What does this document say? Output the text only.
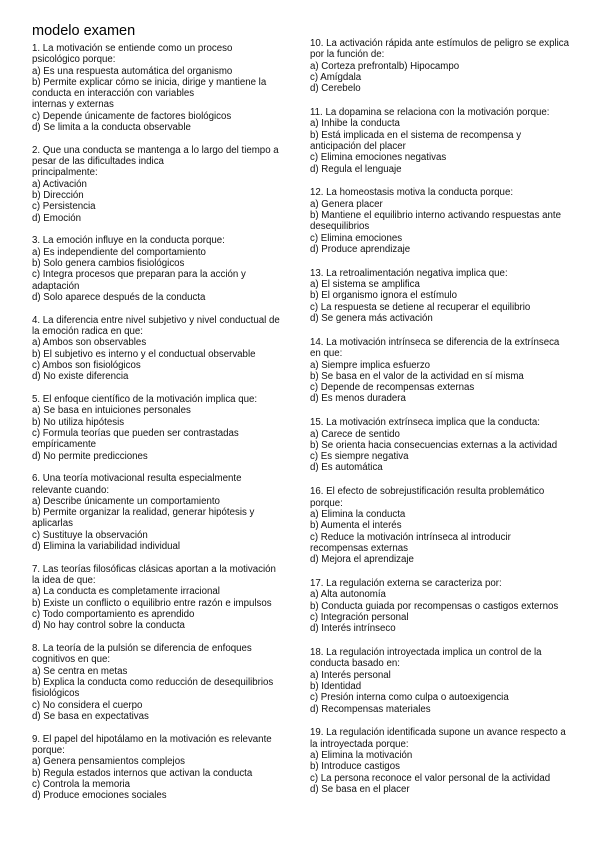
modelo examen

1. La motivación se entiende como un proceso

psicológico porque:

a) Es una respuesta automática del organismo

b) Permite explicar cómo se inicia, dirige y mantiene la

conducta en interacción con variables

internas y externas

c) Depende únicamente de factores biológicos

d) Se limita a la conducta observable

2. Que una conducta se mantenga a lo largo del tiempo a

pesar de las dificultades indica

principalmente:

a) Activación

b) Dirección

c) Persistencia

d) Emoción

3. La emoción influye en la conducta porque:

a) Es independiente del comportamiento

b) Solo genera cambios fisiológicos

c) Integra procesos que preparan para la acción y

adaptación

d) Solo aparece después de la conducta

4. La diferencia entre nivel subjetivo y nivel conductual de

la emoción radica en que:

a) Ambos son observables

b) El subjetivo es interno y el conductual observable

c) Ambos son fisiológicos

d) No existe diferencia

5. El enfoque científico de la motivación implica que:

a) Se basa en intuiciones personales

b) No utiliza hipótesis

c) Formula teorías que pueden ser contrastadas

empíricamente

d) No permite predicciones

6. Una teoría motivacional resulta especialmente

relevante cuando:

a) Describe únicamente un comportamiento

b) Permite organizar la realidad, generar hipótesis y

aplicarlas

c) Sustituye la observación

d) Elimina la variabilidad individual

7. Las teorías filosóficas clásicas aportan a la motivación

la idea de que:

a) La conducta es completamente irracional

b) Existe un conflicto o equilibrio entre razón e impulsos

c) Todo comportamiento es aprendido

d) No hay control sobre la conducta

8. La teoría de la pulsión se diferencia de enfoques

cognitivos en que:

a) Se centra en metas

b) Explica la conducta como reducción de desequilibrios

fisiológicos

c) No considera el cuerpo

d) Se basa en expectativas

9. El papel del hipotálamo en la motivación es relevante

porque:

a) Genera pensamientos complejos

b) Regula estados internos que activan la conducta

c) Controla la memoria

d) Produce emociones sociales

10. La activación rápida ante estímulos de peligro se explica

por la función de:

a) Corteza prefrontalb) Hipocampo

c) Amígdala

d) Cerebelo

11. La dopamina se relaciona con la motivación porque:

a) Inhibe la conducta

b) Está implicada en el sistema de recompensa y

anticipación del placer

c) Elimina emociones negativas

d) Regula el lenguaje

12. La homeostasis motiva la conducta porque:

a) Genera placer

b) Mantiene el equilibrio interno activando respuestas ante

desequilibrios

c) Elimina emociones

d) Produce aprendizaje

13. La retroalimentación negativa implica que:

a) El sistema se amplifica

b) El organismo ignora el estímulo

c) La respuesta se detiene al recuperar el equilibrio

d) Se genera más activación

14. La motivación intrínseca se diferencia de la extrínseca

en que:

a) Siempre implica esfuerzo

b) Se basa en el valor de la actividad en sí misma

c) Depende de recompensas externas

d) Es menos duradera

15. La motivación extrínseca implica que la conducta:

a) Carece de sentido

b) Se orienta hacia consecuencias externas a la actividad

c) Es siempre negativa

d) Es automática

16. El efecto de sobrejustificación resulta problemático

porque:

a) Elimina la conducta

b) Aumenta el interés

c) Reduce la motivación intrínseca al introducir

recompensas externas

d) Mejora el aprendizaje

17. La regulación externa se caracteriza por:

a) Alta autonomía

b) Conducta guiada por recompensas o castigos externos

c) Integración personal

d) Interés intrínseco

18. La regulación introyectada implica un control de la

conducta basado en:

a) Interés personal

b) Identidad

c) Presión interna como culpa o autoexigencia

d) Recompensas materiales

19. La regulación identificada supone un avance respecto a

la introyectada porque:

a) Elimina la motivación

b) Introduce castigos

c) La persona reconoce el valor personal de la actividad

d) Se basa en el placer
